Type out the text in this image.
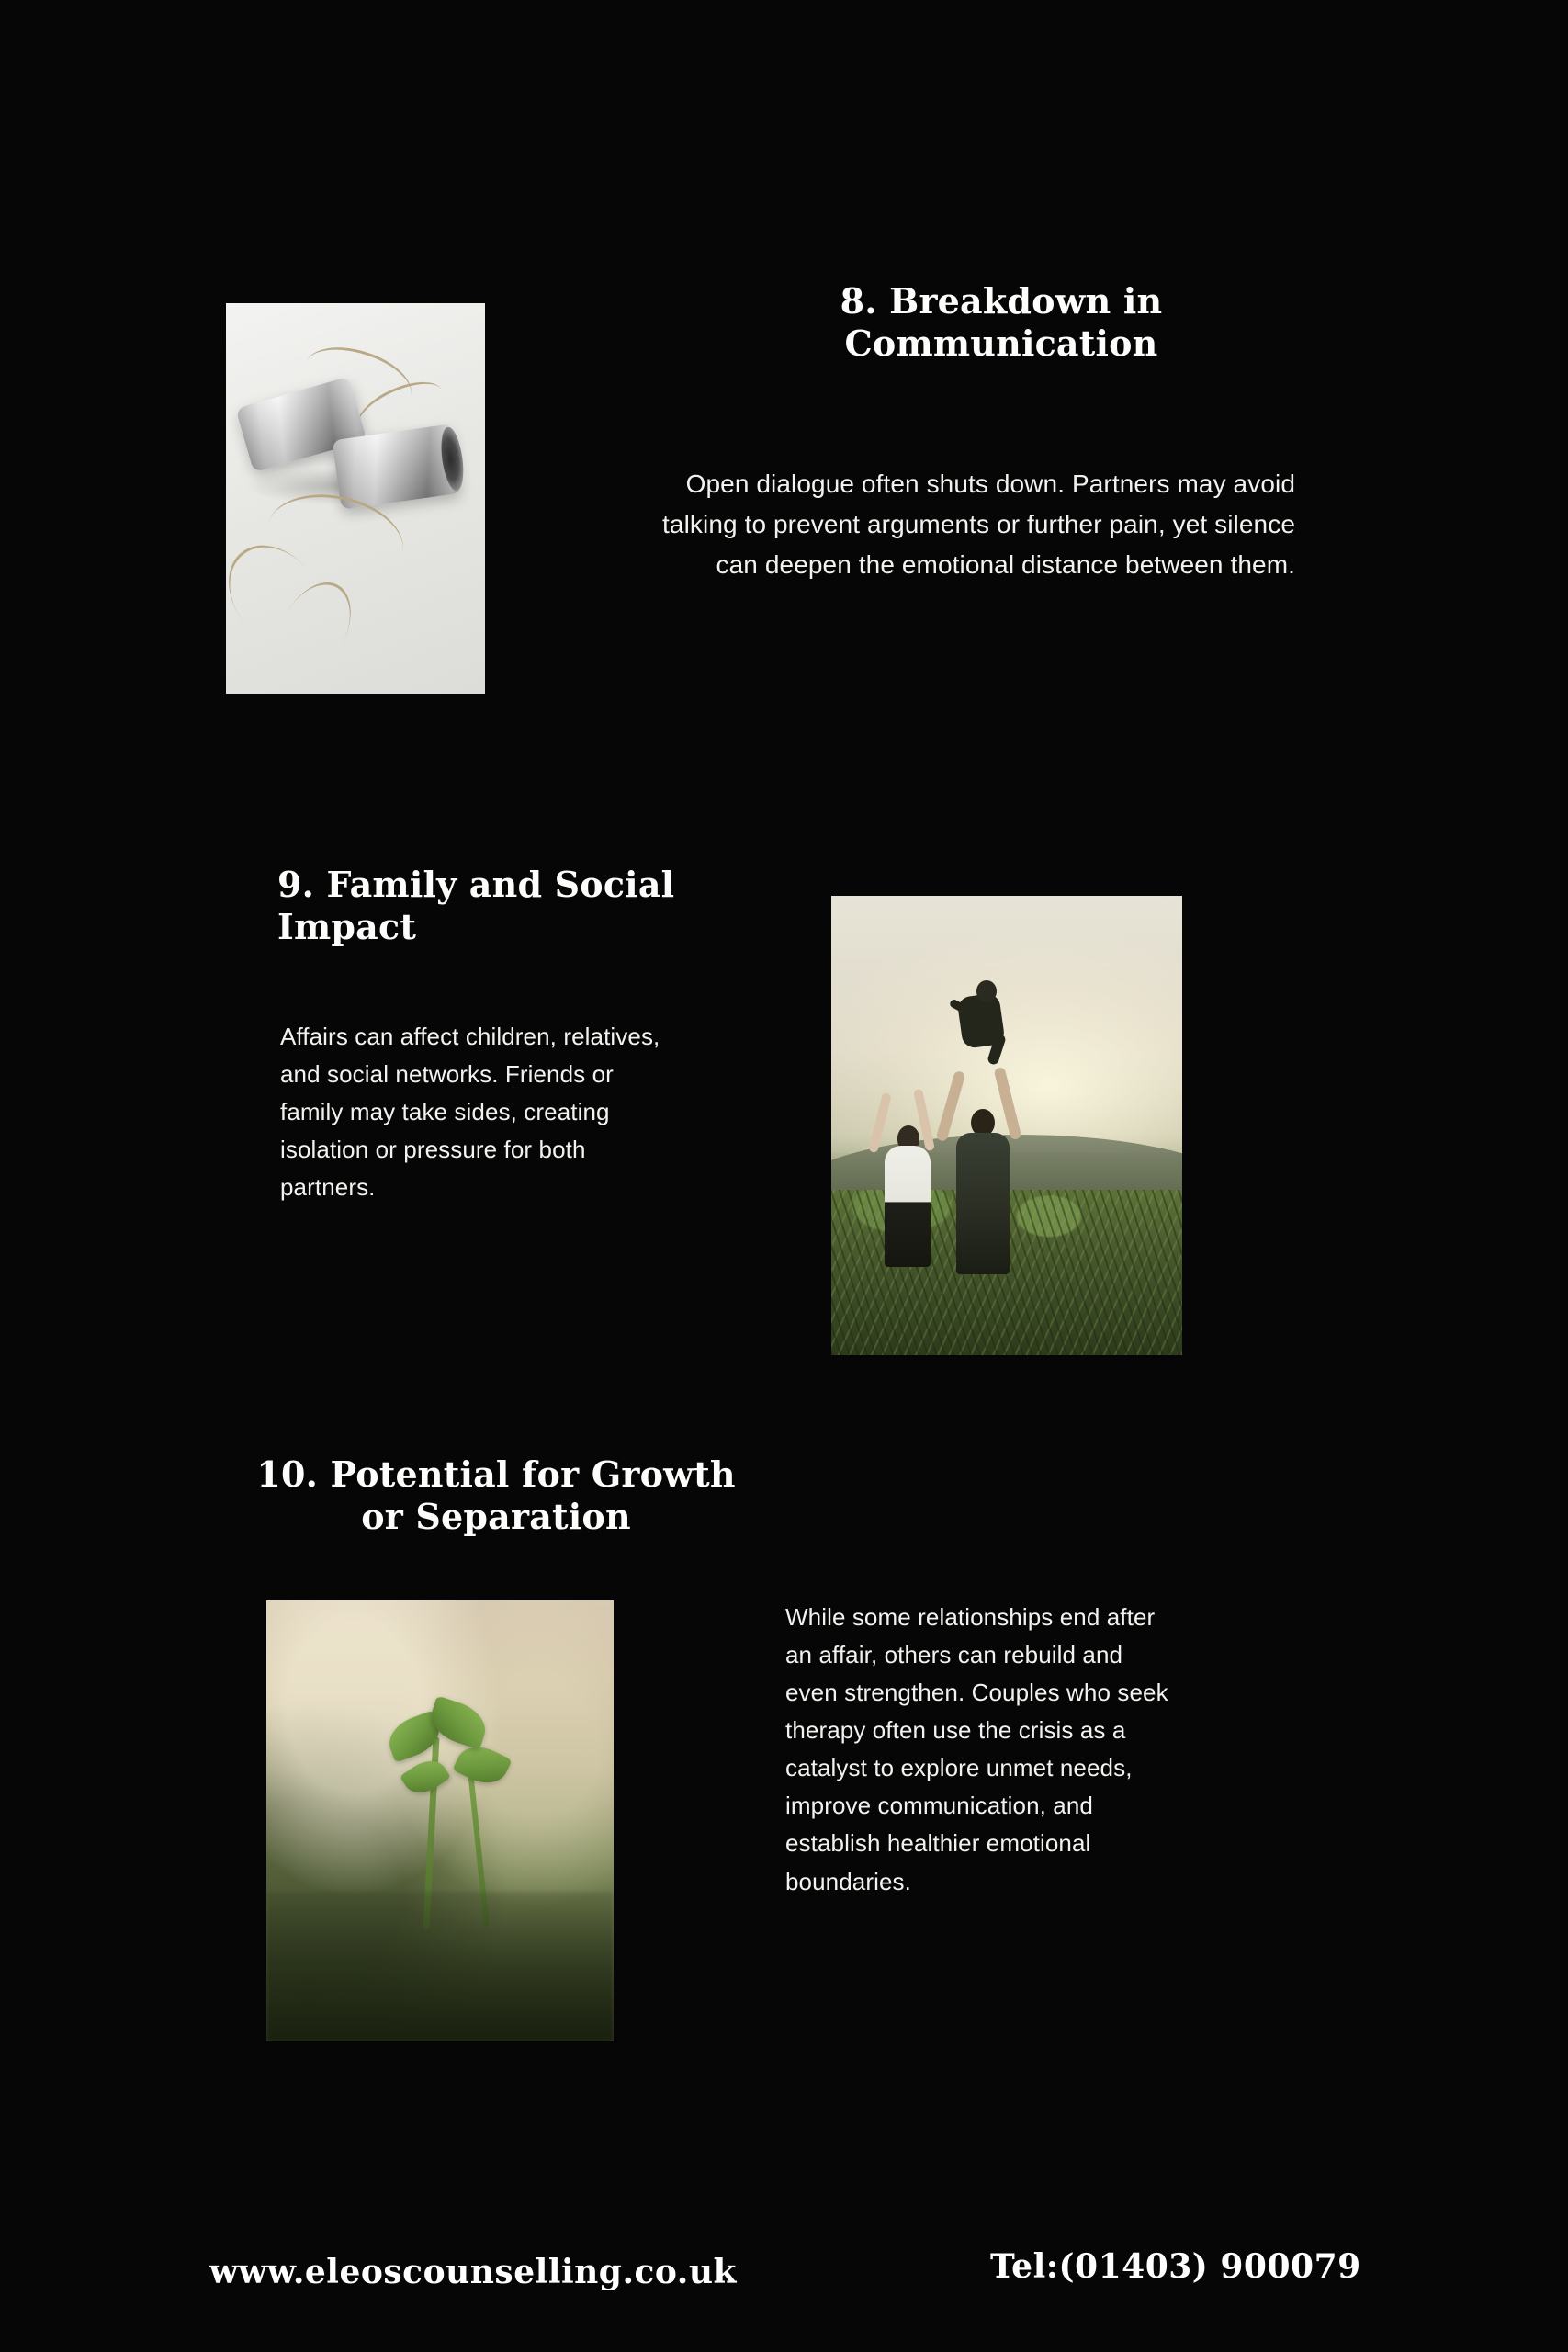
8. Breakdown in Communication
Open dialogue often shuts down. Partners may avoid talking to prevent arguments or further pain, yet silence can deepen the emotional distance between them.
9. Family and Social Impact
Affairs can affect children, relatives, and social networks. Friends or family may take sides, creating isolation or pressure for both partners.
10. Potential for Growth or Separation
While some relationships end after an affair, others can rebuild and even strengthen. Couples who seek therapy often use the crisis as a catalyst to explore unmet needs, improve communication, and establish healthier emotional boundaries.
www.eleoscounselling.co.uk	Tel:(01403) 900079
